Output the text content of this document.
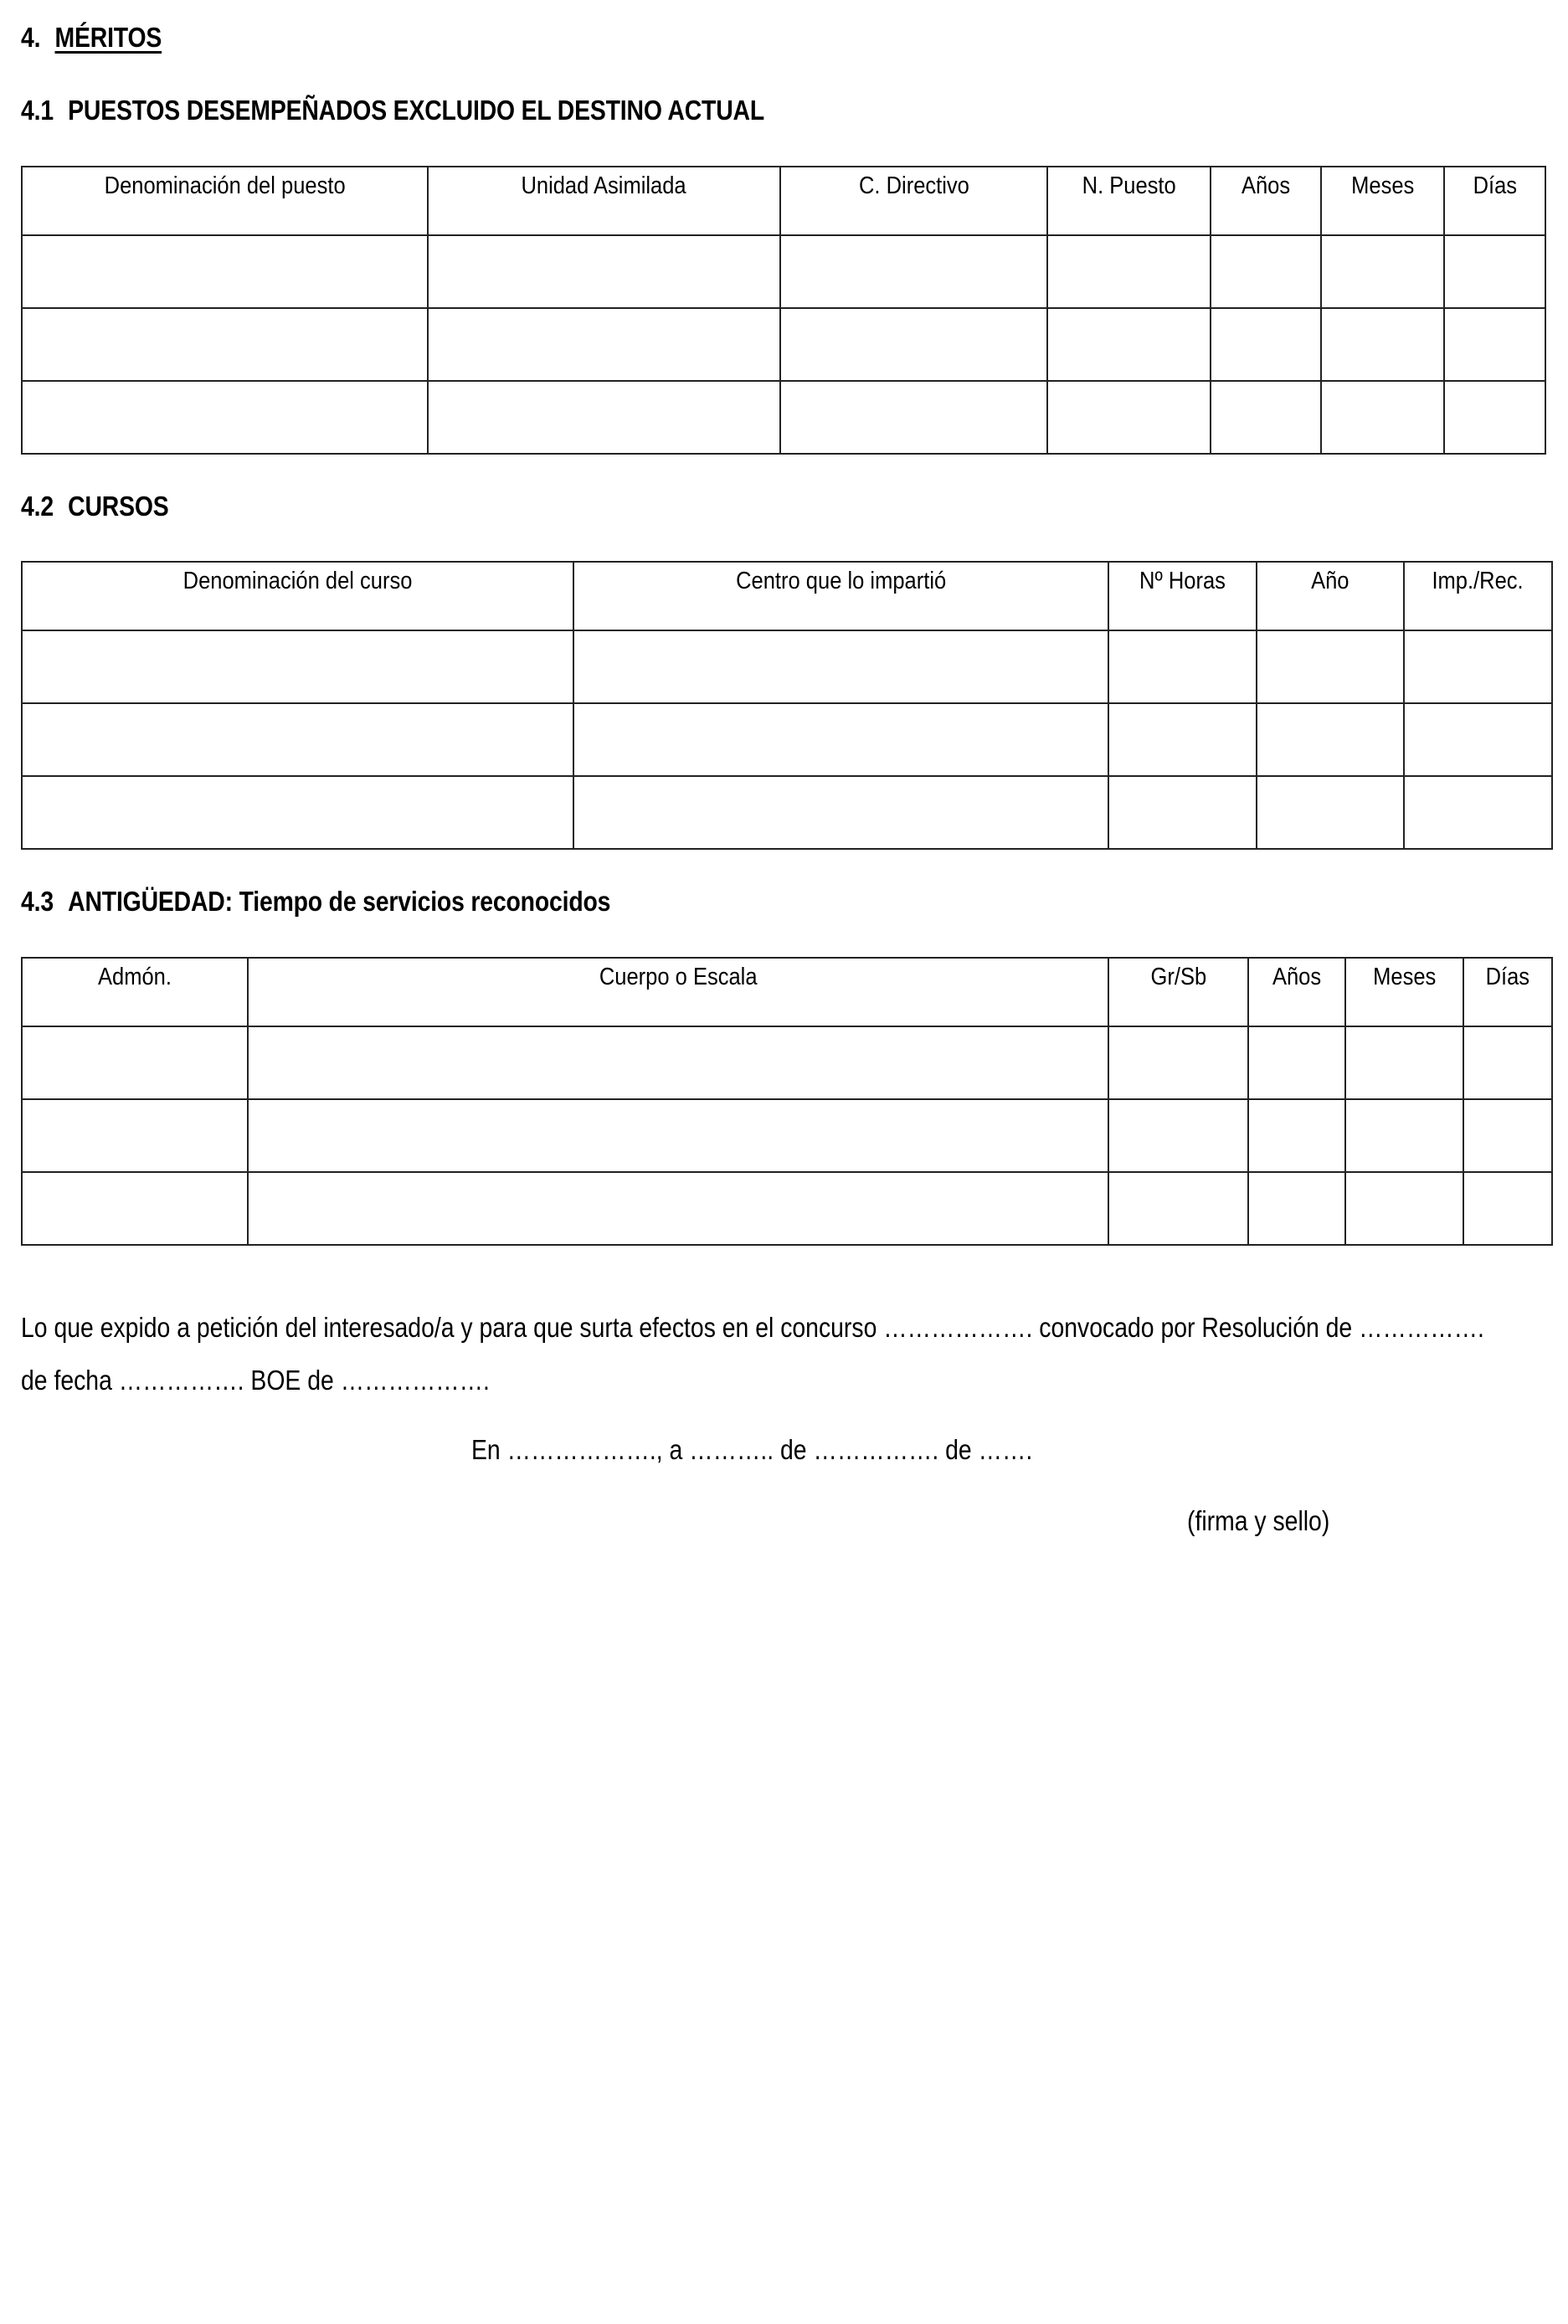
4. MÉRITOS
4.1 PUESTOS DESEMPEÑADOS EXCLUIDO EL DESTINO ACTUAL
Denominación del puesto	Unidad Asimilada	C. Directivo	N. Puesto	Años	Meses	Días

4.2 CURSOS
Denominación del curso	Centro que lo impartió	Nº Horas	Año	Imp./Rec.

4.3 ANTIGÜEDAD: Tiempo de servicios reconocidos
Admón.	Cuerpo o Escala	Gr/Sb	Años	Meses	Días

Lo que expido a petición del interesado/a y para que surta efectos en el concurso ………………. convocado por Resolución de …………….
de fecha ……………. BOE de ……………….
En ………………., a ……….. de ……………. de …….
(firma y sello)
